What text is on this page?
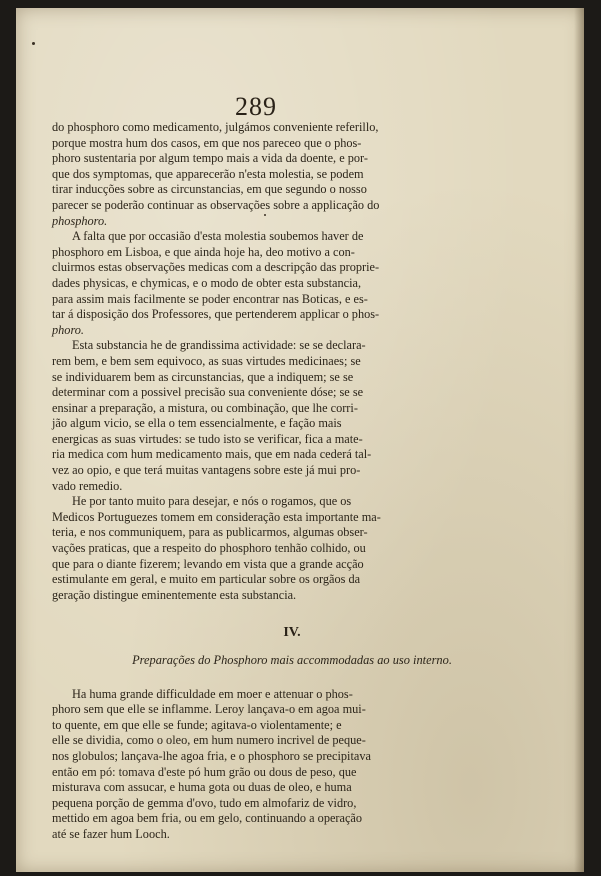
289
do phosphoro como medicamento, julgámos conveniente referillo,
porque mostra hum dos casos, em que nos pareceo que o phos-
phoro sustentaria por algum tempo mais a vida da doente, e por-
que dos symptomas, que apparecerão n'esta molestia, se podem
tirar inducções sobre as circunstancias, em que segundo o nosso
parecer se poderão continuar as observações sobre a applicação do
phosphoro.
A falta que por occasião d'esta molestia soubemos haver de
phosphoro em Lisboa, e que ainda hoje ha, deo motivo a con-
cluirmos estas observações medicas com a descripção das proprie-
dades physicas, e chymicas, e o modo de obter esta substancia,
para assim mais facilmente se poder encontrar nas Boticas, e es-
tar á disposição dos Professores, que pertenderem applicar o phos-
phoro.
Esta substancia he de grandissima actividade: se se declara-
rem bem, e bem sem equivoco, as suas virtudes medicinaes; se
se individuarem bem as circunstancias, que a indiquem; se se
determinar com a possivel precisão sua conveniente dóse; se se
ensinar a preparação, a mistura, ou combinação, que lhe corri-
jão algum vicio, se ella o tem essencialmente, e fação mais
energicas as suas virtudes: se tudo isto se verificar, fica a mate-
ria medica com hum medicamento mais, que em nada cederá tal-
vez ao opio, e que terá muitas vantagens sobre este já mui pro-
vado remedio.
He por tanto muito para desejar, e nós o rogamos, que os
Medicos Portuguezes tomem em consideração esta importante ma-
teria, e nos communiquem, para as publicarmos, algumas obser-
vações praticas, que a respeito do phosphoro tenhão colhido, ou
que para o diante fizerem; levando em vista que a grande acção
estimulante em geral, e muito em particular sobre os orgãos da
geração distingue eminentemente esta substancia.
IV.
Preparações do Phosphoro mais accommodadas ao uso interno.
Ha huma grande difficuldade em moer e attenuar o phos-
phoro sem que elle se inflamme. Leroy lançava-o em agoa mui-
to quente, em que elle se funde; agitava-o violentamente; e
elle se dividia, como o oleo, em hum numero incrivel de peque-
nos globulos; lançava-lhe agoa fria, e o phosphoro se precipitava
então em pó: tomava d'este pó hum grão ou dous de peso, que
misturava com assucar, e huma gota ou duas de oleo, e huma
pequena porção de gemma d'ovo, tudo em almofariz de vidro,
mettido em agoa bem fria, ou em gelo, continuando a operação
até se fazer hum Looch.
